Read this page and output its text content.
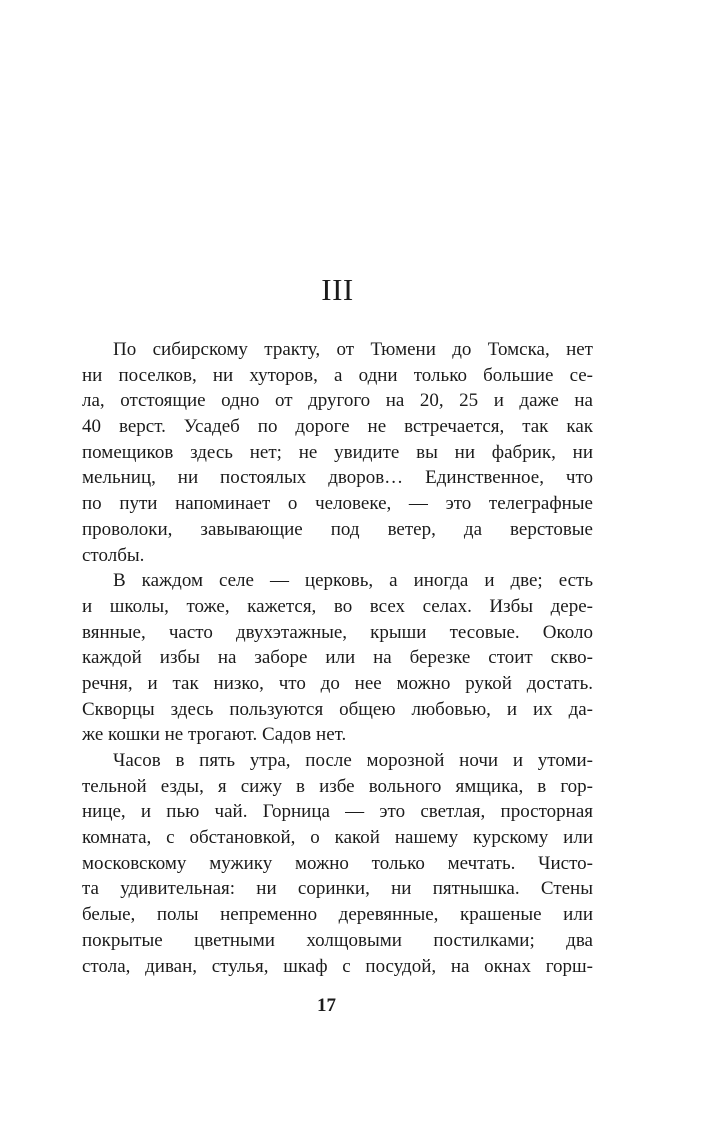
III
По сибирскому тракту, от Тюмени до Томска, нет
ни поселков, ни хуторов, а одни только большие се-
ла, отстоящие одно от другого на 20, 25 и даже на
40 верст. Усадеб по дороге не встречается, так как
помещиков здесь нет; не увидите вы ни фабрик, ни
мельниц, ни постоялых дворов… Единственное, что
по пути напоминает о человеке, — это телеграфные
проволоки, завывающие под ветер, да верстовые
столбы.
В каждом селе — церковь, а иногда и две; есть
и школы, тоже, кажется, во всех селах. Избы дере-
вянные, часто двухэтажные, крыши тесовые. Около
каждой избы на заборе или на березке стоит скво-
речня, и так низко, что до нее можно рукой достать.
Скворцы здесь пользуются общею любовью, и их да-
же кошки не трогают. Садов нет.
Часов в пять утра, после морозной ночи и утоми-
тельной езды, я сижу в избе вольного ямщика, в гор-
нице, и пью чай. Горница — это светлая, просторная
комната, с обстановкой, о какой нашему курскому или
московскому мужику можно только мечтать. Чисто-
та удивительная: ни соринки, ни пятнышка. Стены
белые, полы непременно деревянные, крашеные или
покрытые цветными холщовыми постилками; два
стола, диван, стулья, шкаф с посудой, на окнах горш-
17
